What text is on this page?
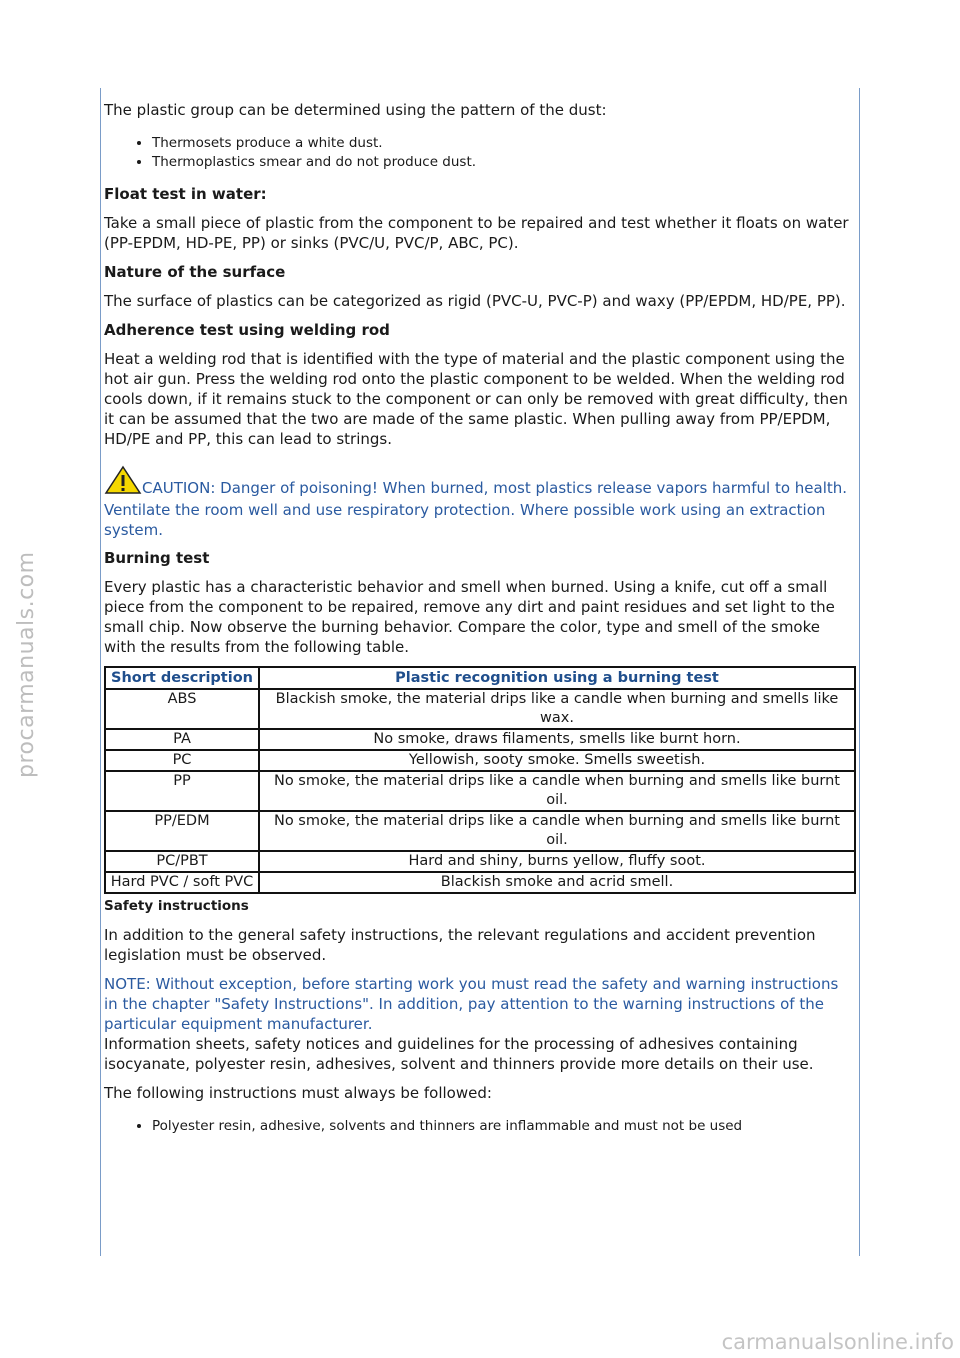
The plastic group can be determined using the pattern of the dust:

• Thermosets produce a white dust.
• Thermoplastics smear and do not produce dust.
Float test in water:

Take a small piece of plastic from the component to be repaired and test whether it floats on water (PP-EPDM, HD-PE, PP) or sinks (PVC/U, PVC/P, ABC, PC).

Nature of the surface

The surface of plastics can be categorized as rigid (PVC-U, PVC-P) and waxy (PP/EPDM, HD/PE, PP).

Adherence test using welding rod

Heat a welding rod that is identified with the type of material and the plastic component using the hot air gun. Press the welding rod onto the plastic component to be welded. When the welding rod cools down, if it remains stuck to the component or can only be removed with great difficulty, then it can be assumed that the two are made of the same plastic. When pulling away from PP/EPDM, HD/PE and PP, this can lead to strings.

CAUTION: Danger of poisoning! When burned, most plastics release vapors harmful to health. Ventilate the room well and use respiratory protection. Where possible work using an extraction system.

Burning test

Every plastic has a characteristic behavior and smell when burned. Using a knife, cut off a small piece from the component to be repaired, remove any dirt and paint residues and set light to the small chip. Now observe the burning behavior. Compare the color, type and smell of the smoke with the results from the following table.

Short description	Plastic recognition using a burning test
ABS	Blackish smoke, the material drips like a candle when burning and smells like wax.
PA	No smoke, draws filaments, smells like burnt horn.
PC	Yellowish, sooty smoke. Smells sweetish.
PP	No smoke, the material drips like a candle when burning and smells like burnt oil.
PP/EDM	No smoke, the material drips like a candle when burning and smells like burnt oil.
PC/PBT	Hard and shiny, burns yellow, fluffy soot.
Hard PVC / soft PVC	Blackish smoke and acrid smell.
Safety instructions

In addition to the general safety instructions, the relevant regulations and accident prevention legislation must be observed.

NOTE: Without exception, before starting work you must read the safety and warning instructions in the chapter "Safety Instructions". In addition, pay attention to the warning instructions of the particular equipment manufacturer.

Information sheets, safety notices and guidelines for the processing of adhesives containing isocyanate, polyester resin, adhesives, solvent and thinners provide more details on their use.

The following instructions must always be followed:

• Polyester resin, adhesive, solvents and thinners are inflammable and must not be used
procarmanuals.com
carmanualsonline.info
